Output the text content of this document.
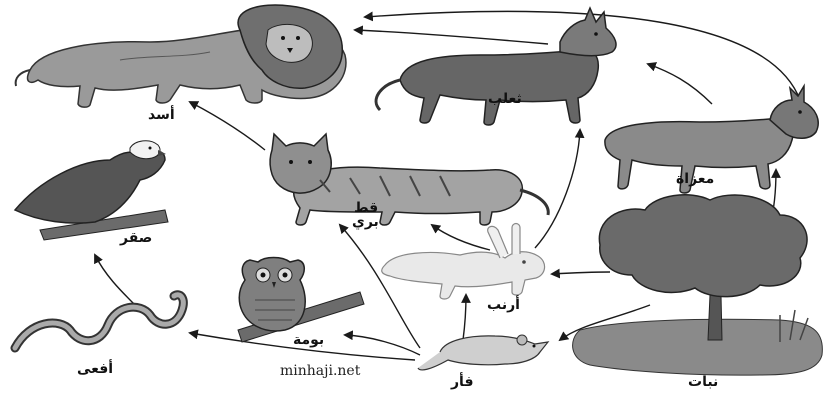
أسد
ثعلب
معزاة
قط
بري
صقر
بومة
أرنب
أفعى
فأر	نبات
minhaji.net
